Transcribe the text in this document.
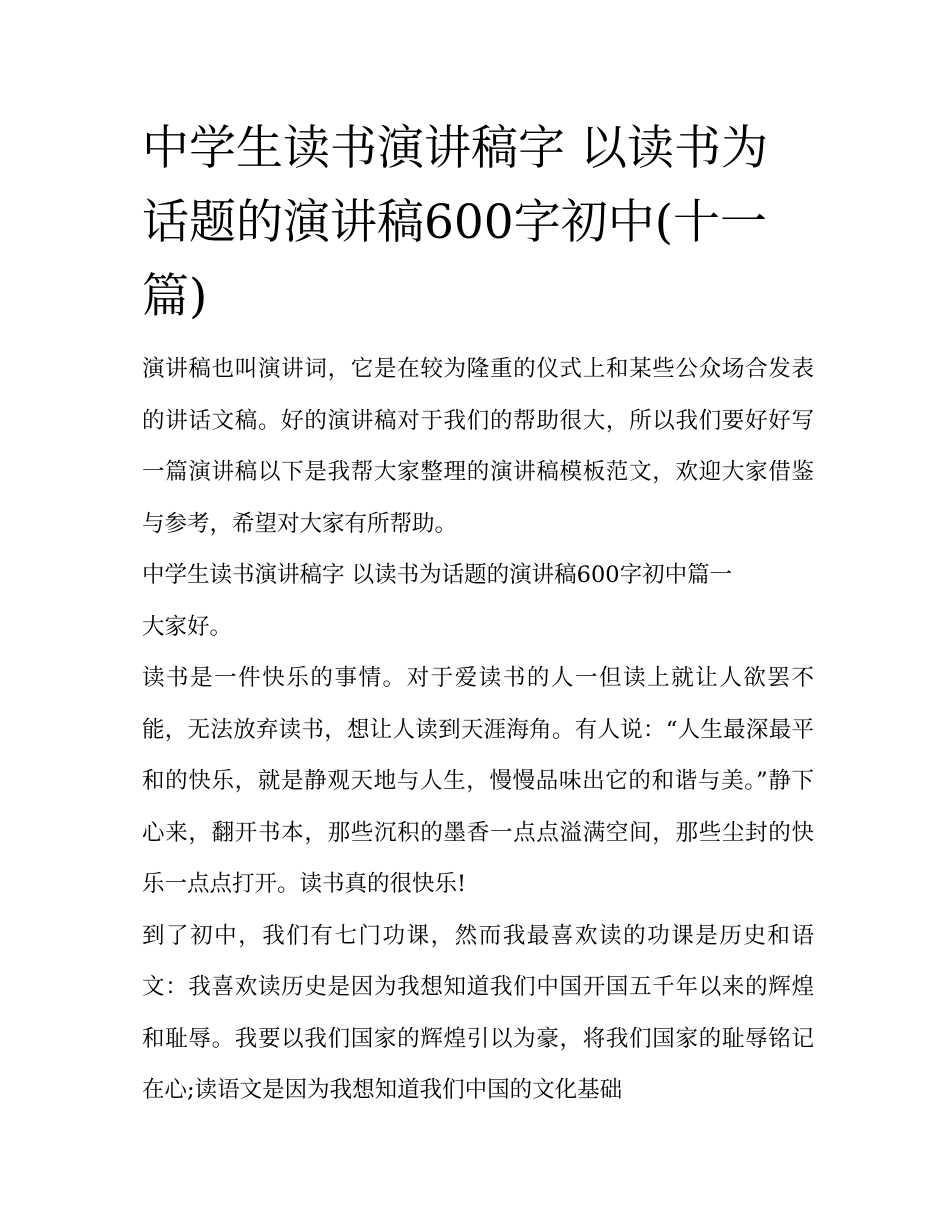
中学生读书演讲稿字 以读书为话题的演讲稿600字初中(十一篇)

演讲稿也叫演讲词，它是在较为隆重的仪式上和某些公众场合发表的讲话文稿。好的演讲稿对于我们的帮助很大，所以我们要好好写一篇演讲稿以下是我帮大家整理的演讲稿模板范文，欢迎大家借鉴与参考，希望对大家有所帮助。

中学生读书演讲稿字 以读书为话题的演讲稿600字初中篇一

大家好。

读书是一件快乐的事情。对于爱读书的人一但读上就让人欲罢不能，无法放弃读书，想让人读到天涯海角。有人说：“人生最深最平和的快乐，就是静观天地与人生，慢慢品味出它的和谐与美。”静下心来，翻开书本，那些沉积的墨香一点点溢满空间，那些尘封的快乐一点点打开。读书真的很快乐!

到了初中，我们有七门功课，然而我最喜欢读的功课是历史和语文：我喜欢读历史是因为我想知道我们中国开国五千年以来的辉煌和耻辱。我要以我们国家的辉煌引以为豪，将我们国家的耻辱铭记在心;读语文是因为我想知道我们中国的文化基础
